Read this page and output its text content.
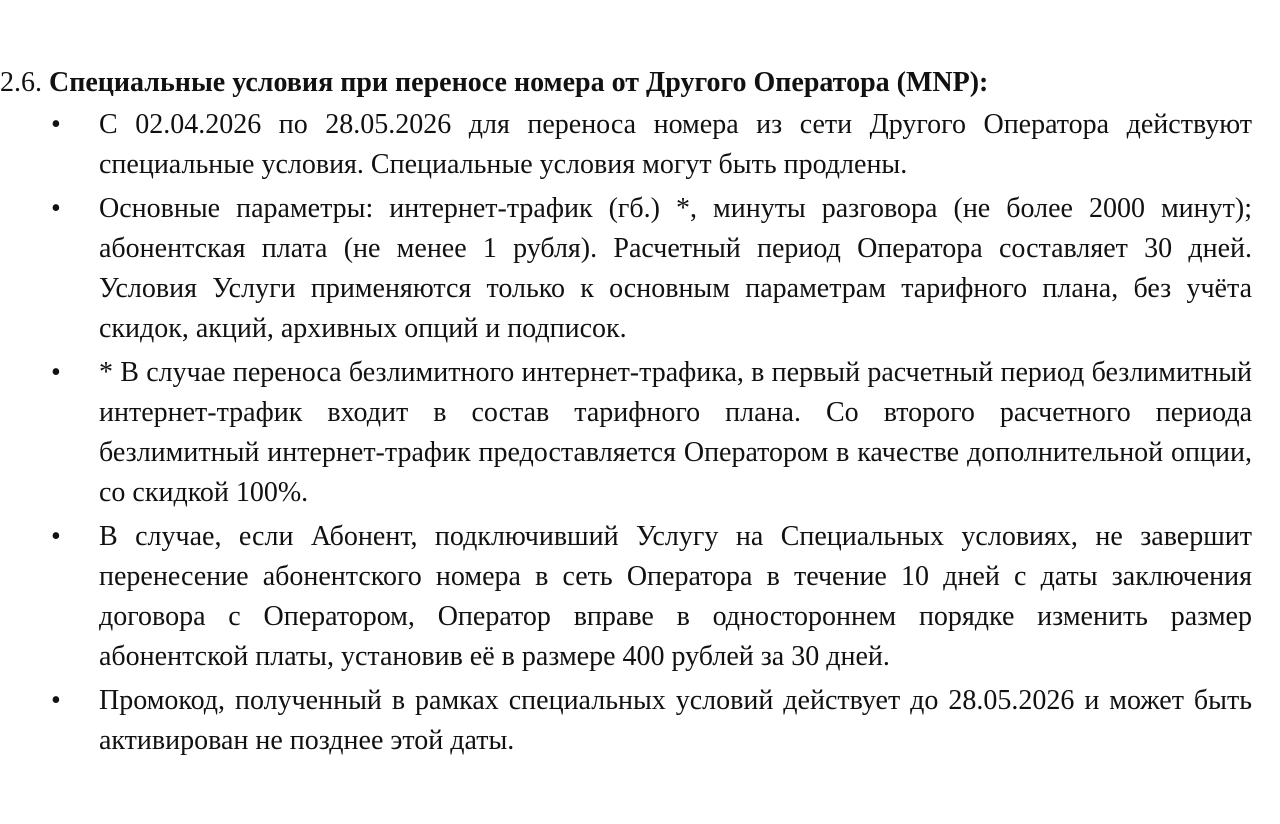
2.6. Специальные условия при переносе номера от Другого Оператора (MNP):
• С 02.04.2026 по 28.05.2026 для переноса номера из сети Другого Оператора действуют специальные условия. Специальные условия могут быть продлены.
• Основные параметры: интернет-трафик (гб.) *, минуты разговора (не более 2000 минут); абонентская плата (не менее 1 рубля). Расчетный период Оператора составляет 30 дней. Условия Услуги применяются только к основным параметрам тарифного плана, без учёта скидок, акций, архивных опций и подписок.
• * В случае переноса безлимитного интернет-трафика, в первый расчетный период безлимитный интернет-трафик входит в состав тарифного плана. Со второго расчетного периода безлимитный интернет-трафик предоставляется Оператором в качестве дополнительной опции, со скидкой 100%.
• В случае, если Абонент, подключивший Услугу на Специальных условиях, не завершит перенесение абонентского номера в сеть Оператора в течение 10 дней с даты заключения договора с Оператором, Оператор вправе в одностороннем порядке изменить размер абонентской платы, установив её в размере 400 рублей за 30 дней.
• Промокод, полученный в рамках специальных условий действует до 28.05.2026 и может быть активирован не позднее этой даты.
